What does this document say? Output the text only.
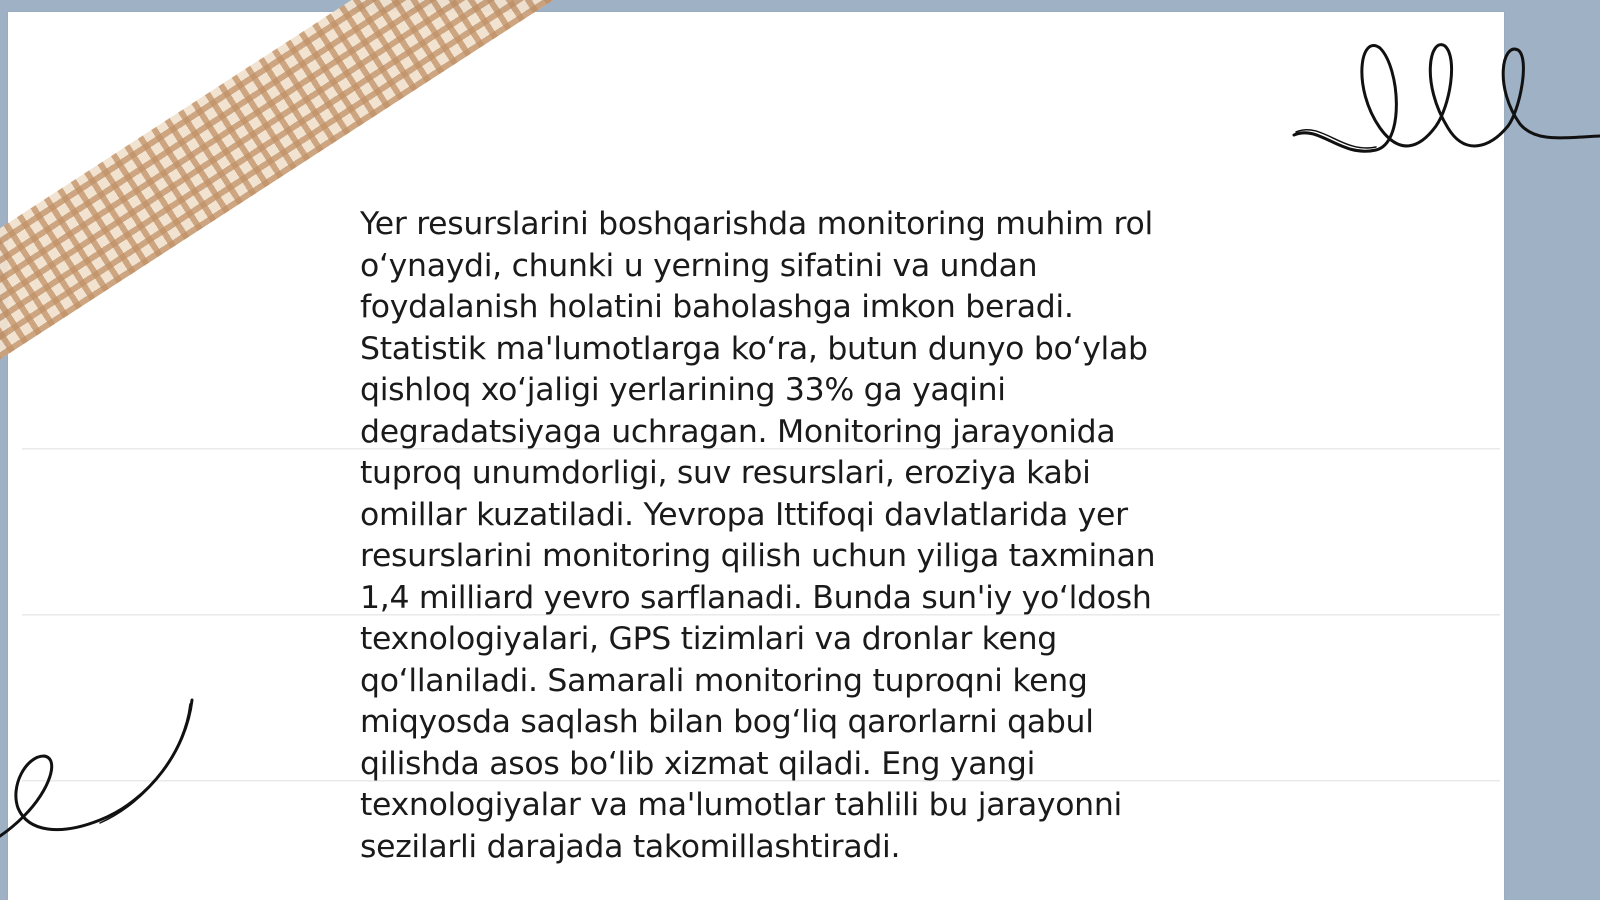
Yer resurslarini boshqarishda monitoring muhim rol
o‘ynaydi, chunki u yerning sifatini va undan
foydalanish holatini baholashga imkon beradi.
Statistik ma'lumotlarga ko‘ra, butun dunyo bo‘ylab
qishloq xo‘jaligi yerlarining 33% ga yaqini
degradatsiyaga uchragan. Monitoring jarayonida
tuproq unumdorligi, suv resurslari, eroziya kabi
omillar kuzatiladi. Yevropa Ittifoqi davlatlarida yer
resurslarini monitoring qilish uchun yiliga taxminan
1,4 milliard yevro sarflanadi. Bunda sun'iy yo‘ldosh
texnologiyalari, GPS tizimlari va dronlar keng
qo‘llaniladi. Samarali monitoring tuproqni keng
miqyosda saqlash bilan bog‘liq qarorlarni qabul
qilishda asos bo‘lib xizmat qiladi. Eng yangi
texnologiyalar va ma'lumotlar tahlili bu jarayonni
sezilarli darajada takomillashtiradi.
